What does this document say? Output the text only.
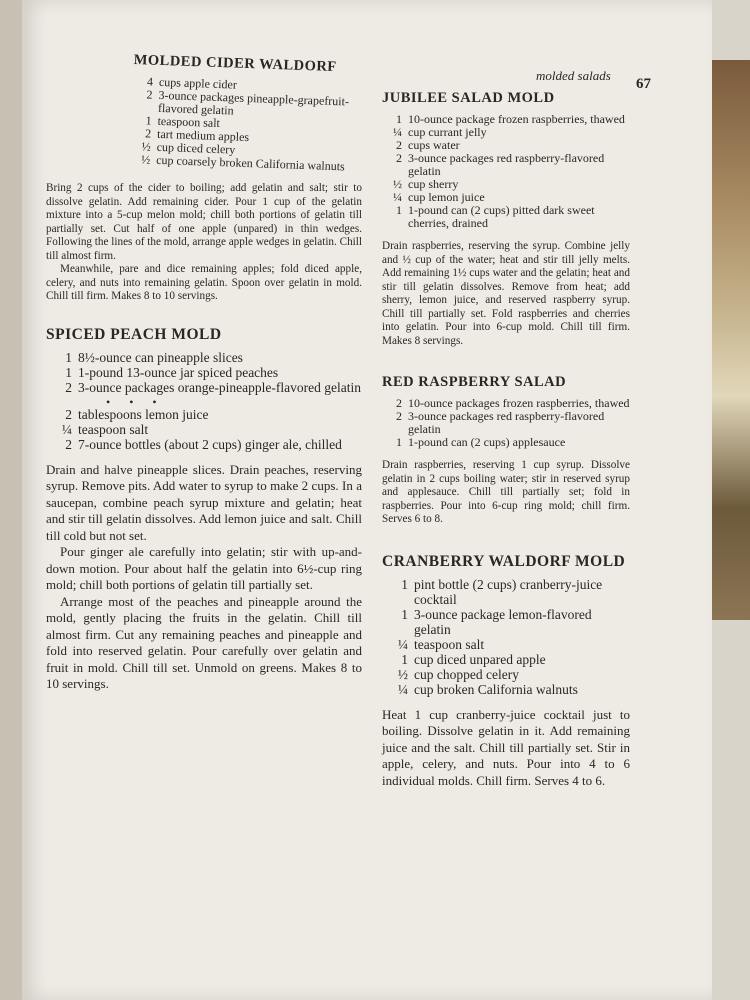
molded salads
67
MOLDED CIDER WALDORF
4 cups apple cider
2 3-ounce packages pineapple-grapefruit-flavored gelatin
1 teaspoon salt
2 tart medium apples
½ cup diced celery
½ cup coarsely broken California walnuts

Bring 2 cups of the cider to boiling; add gelatin and salt; stir to dissolve gelatin. Add remaining cider. Pour 1 cup of the gelatin mixture into a 5-cup melon mold; chill both portions of gelatin till partially set. Cut half of one apple (unpared) in thin wedges. Following the lines of the mold, arrange apple wedges in gelatin. Chill till almost firm.

Meanwhile, pare and dice remaining apples; fold diced apple, celery, and nuts into remaining gelatin. Spoon over gelatin in mold. Chill till firm. Makes 8 to 10 servings.

SPICED PEACH MOLD
1 8½-ounce can pineapple slices
1 1-pound 13-ounce jar spiced peaches
2 3-ounce packages orange-pineapple-flavored gelatin
• • •
2 tablespoons lemon juice
¼ teaspoon salt
2 7-ounce bottles (about 2 cups) ginger ale, chilled

Drain and halve pineapple slices. Drain peaches, reserving syrup. Remove pits. Add water to syrup to make 2 cups. In a saucepan, combine peach syrup mixture and gelatin; heat and stir till gelatin dissolves. Add lemon juice and salt. Chill till cold but not set.

Pour ginger ale carefully into gelatin; stir with up-and-down motion. Pour about half the gelatin into 6½-cup ring mold; chill both portions of gelatin till partially set.

Arrange most of the peaches and pineapple around the mold, gently placing the fruits in the gelatin. Chill till almost firm. Cut any remaining peaches and pineapple and fold into reserved gelatin. Pour carefully over gelatin and fruit in mold. Chill till set. Unmold on greens. Makes 8 to 10 servings.

JUBILEE SALAD MOLD
1 10-ounce package frozen raspberries, thawed
¼ cup currant jelly
2 cups water
2 3-ounce packages red raspberry-flavored gelatin
½ cup sherry
¼ cup lemon juice
1 1-pound can (2 cups) pitted dark sweet cherries, drained

Drain raspberries, reserving the syrup. Combine jelly and ½ cup of the water; heat and stir till jelly melts. Add remaining 1½ cups water and the gelatin; heat and stir till gelatin dissolves. Remove from heat; add sherry, lemon juice, and reserved raspberry syrup. Chill till partially set. Fold raspberries and cherries into gelatin. Pour into 6-cup mold. Chill till firm. Makes 8 servings.

RED RASPBERRY SALAD
2 10-ounce packages frozen raspberries, thawed
2 3-ounce packages red raspberry-flavored gelatin
1 1-pound can (2 cups) applesauce

Drain raspberries, reserving 1 cup syrup. Dissolve gelatin in 2 cups boiling water; stir in reserved syrup and applesauce. Chill till partially set; fold in raspberries. Pour into 6-cup ring mold; chill firm. Serves 6 to 8.

CRANBERRY WALDORF MOLD
1 pint bottle (2 cups) cranberry-juice cocktail
1 3-ounce package lemon-flavored gelatin
¼ teaspoon salt
1 cup diced unpared apple
½ cup chopped celery
¼ cup broken California walnuts

Heat 1 cup cranberry-juice cocktail just to boiling. Dissolve gelatin in it. Add remaining juice and the salt. Chill till partially set. Stir in apple, celery, and nuts. Pour into 4 to 6 individual molds. Chill firm. Serves 4 to 6.
